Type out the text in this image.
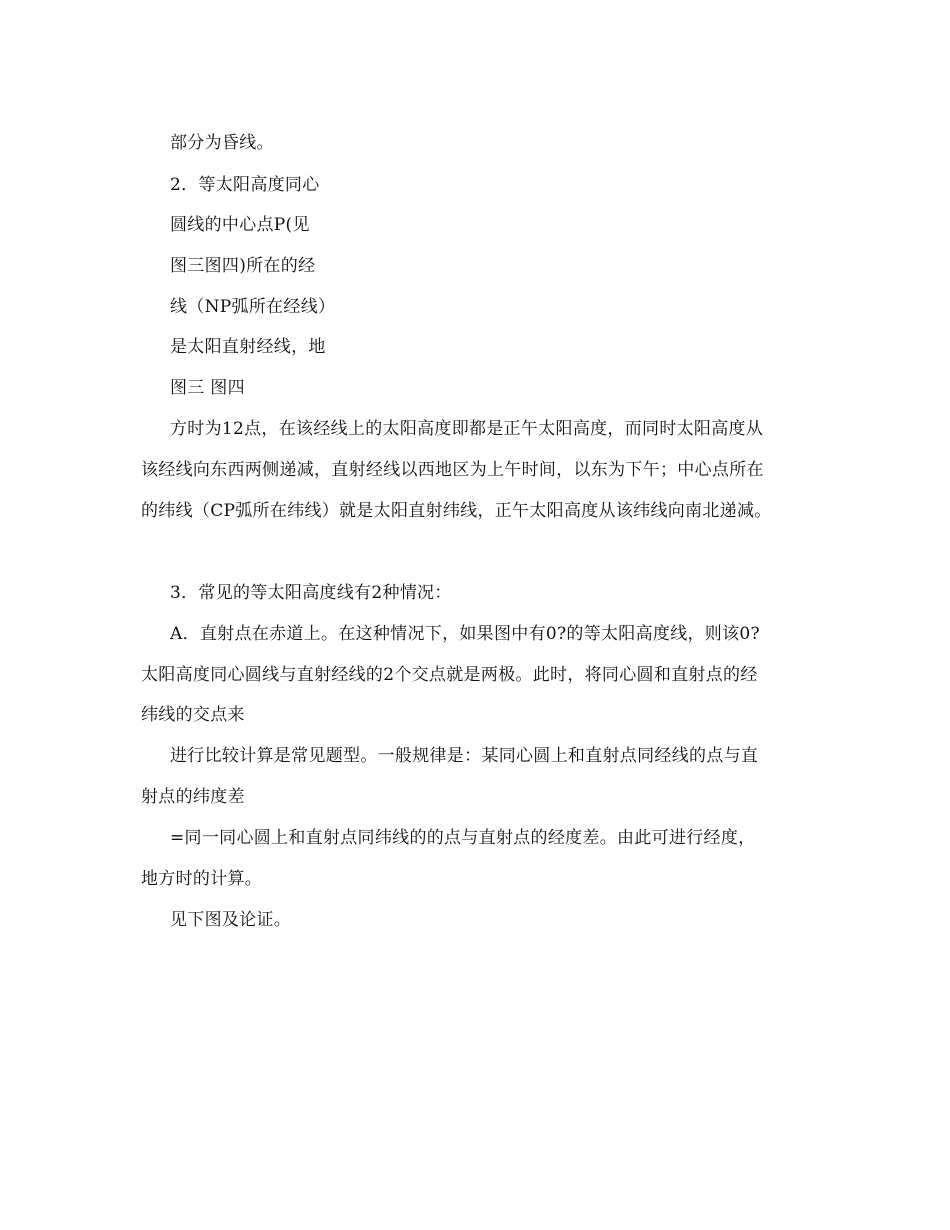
部分为昏线。
2．等太阳高度同心
圆线的中心点P(见
图三图四)所在的经
线（NP弧所在经线）
是太阳直射经线，地
图三 图四
方时为12点，在该经线上的太阳高度即都是正午太阳高度，而同时太阳高度从
该经线向东西两侧递减，直射经线以西地区为上午时间，以东为下午；中心点所在
的纬线（CP弧所在纬线）就是太阳直射纬线，正午太阳高度从该纬线向南北递减。
3．常见的等太阳高度线有2种情况：
A．直射点在赤道上。在这种情况下，如果图中有0?的等太阳高度线，则该0?
太阳高度同心圆线与直射经线的2个交点就是两极。此时，将同心圆和直射点的经
纬线的交点来
进行比较计算是常见题型。一般规律是：某同心圆上和直射点同经线的点与直
射点的纬度差
=同一同心圆上和直射点同纬线的的点与直射点的经度差。由此可进行经度，
地方时的计算。
见下图及论证。
